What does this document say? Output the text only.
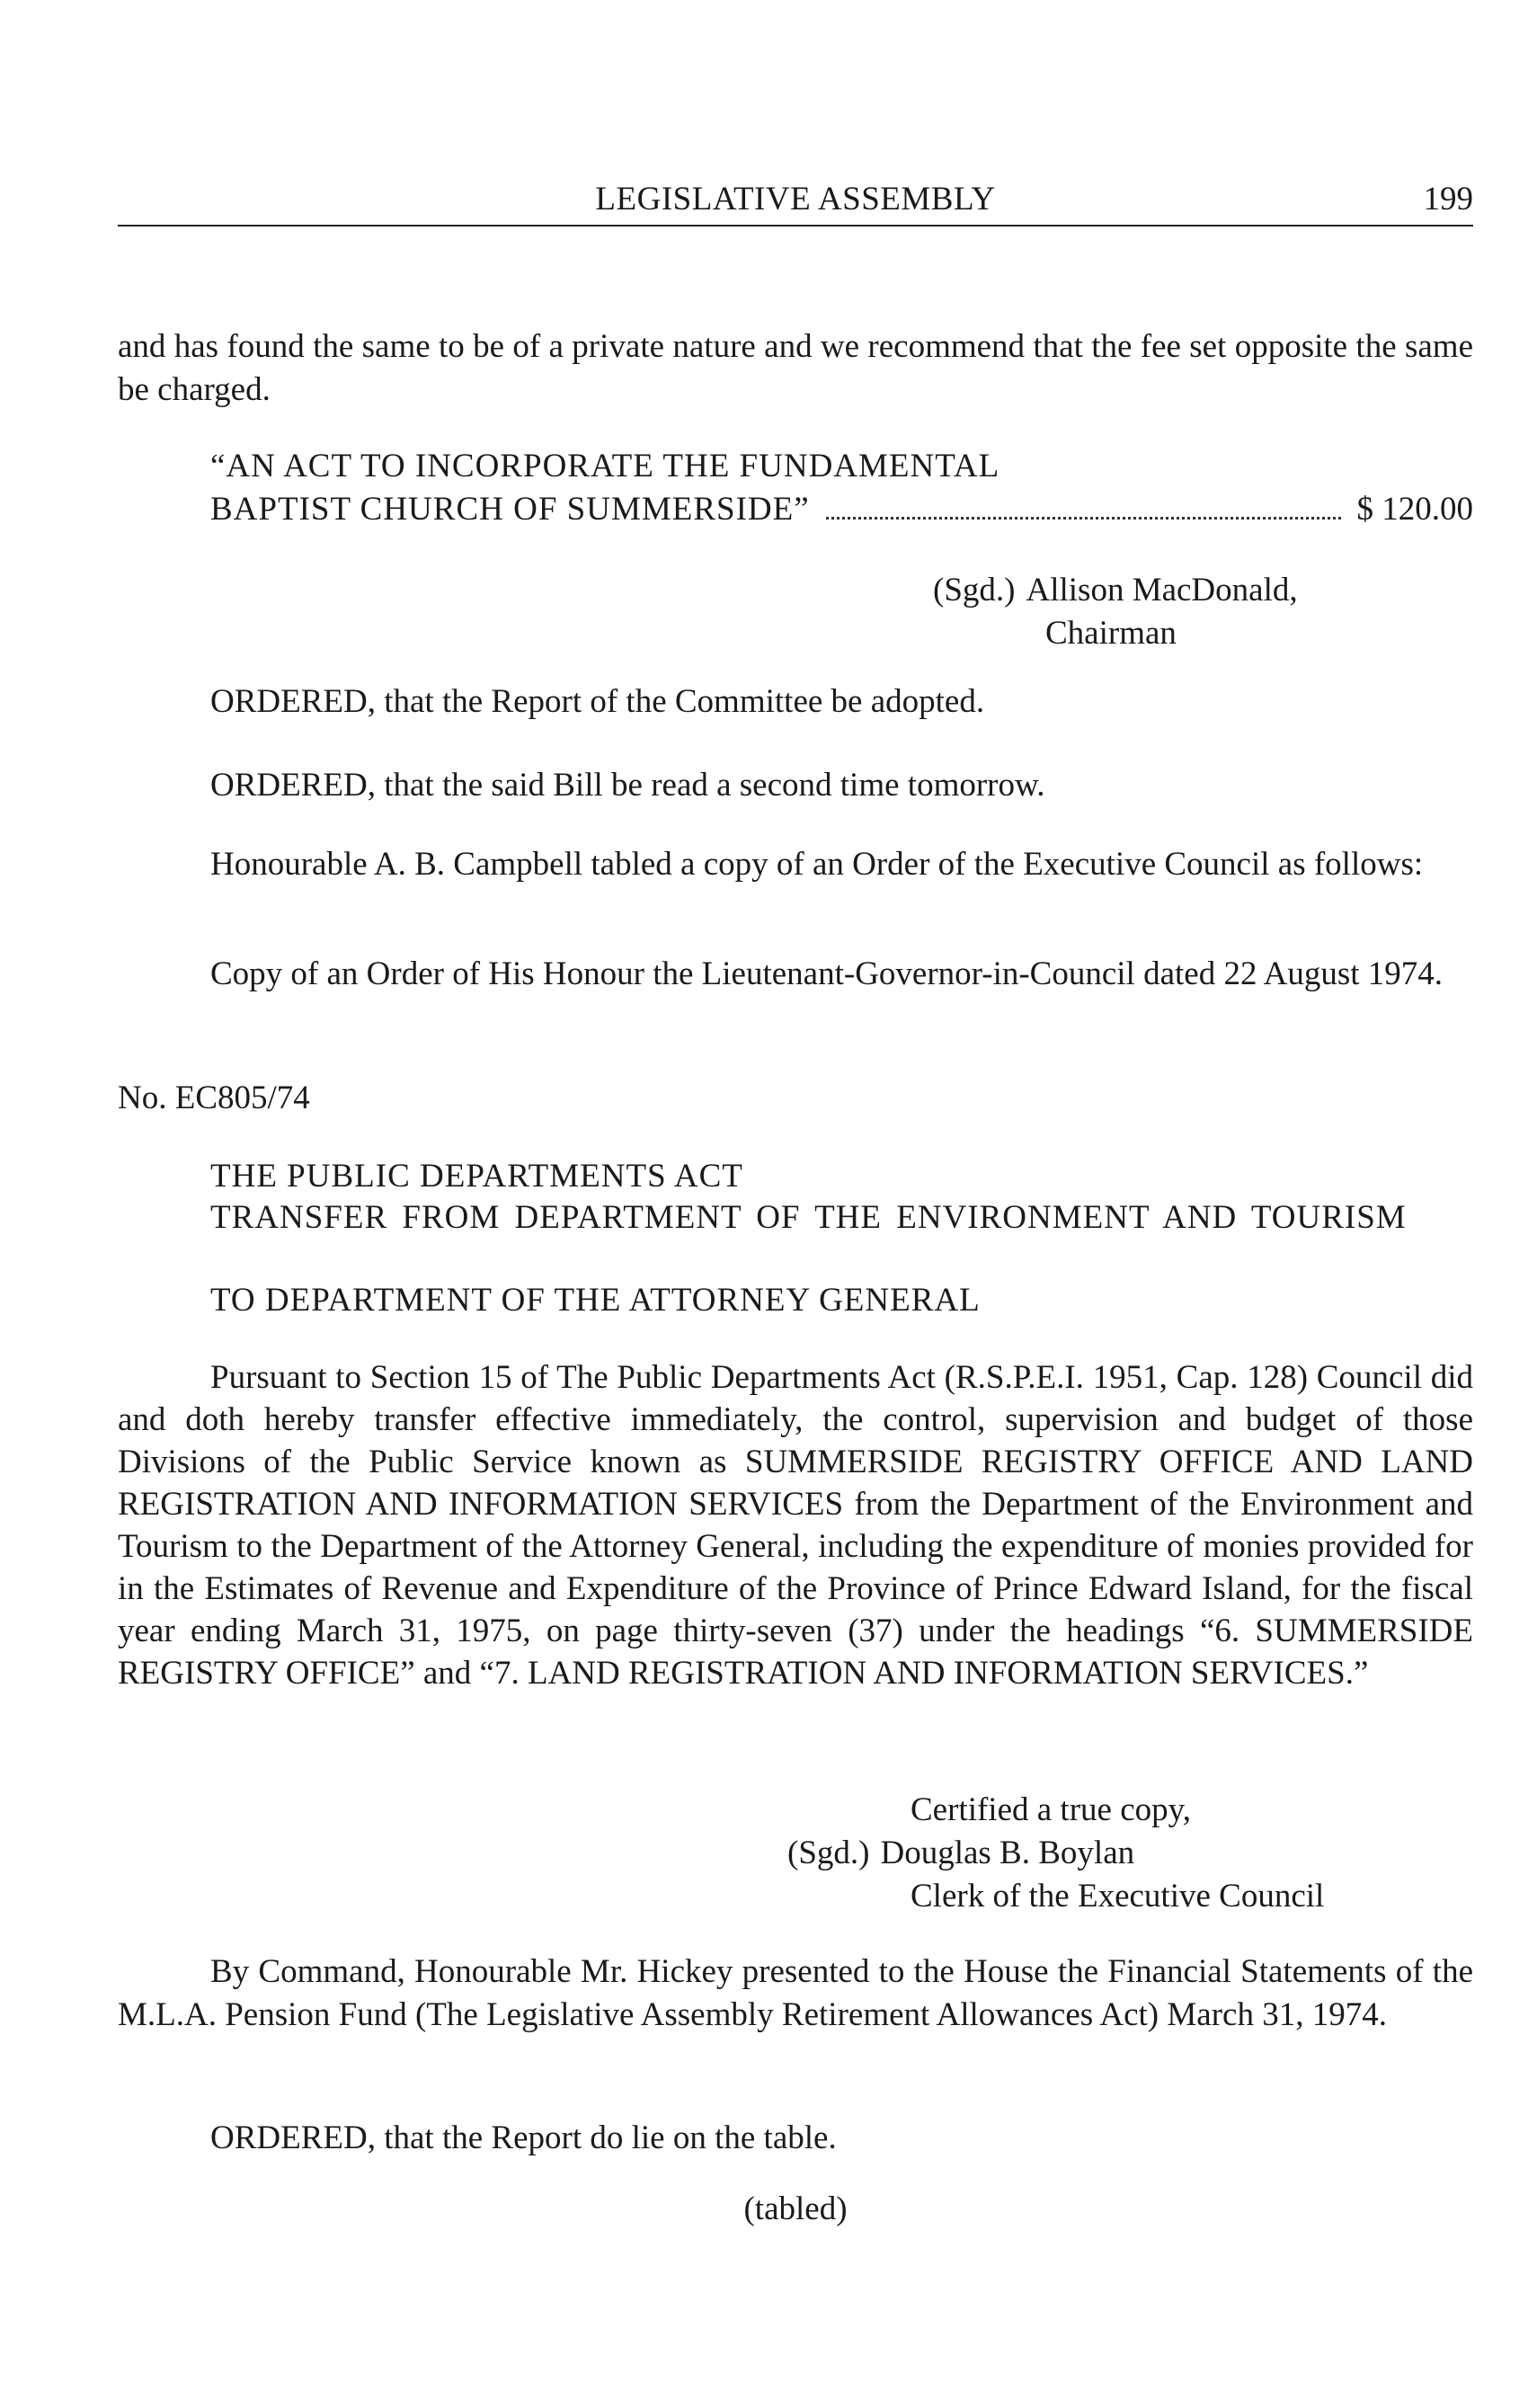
LEGISLATIVE ASSEMBLY	199
and has found the same to be of a private nature and we recommend that the fee set opposite the same be charged.
“AN ACT TO INCORPORATE THE FUNDAMENTAL
BAPTIST CHURCH OF SUMMERSIDE”	$ 120.00
(Sgd.) Allison MacDonald,
Chairman
ORDERED, that the Report of the Committee be adopted.
ORDERED, that the said Bill be read a second time tomorrow.
Honourable A. B. Campbell tabled a copy of an Order of the Executive Council as follows:
Copy of an Order of His Honour the Lieutenant-Governor-in-Council dated 22 August 1974.
No. EC805/74
THE PUBLIC DEPARTMENTS ACT
TRANSFER FROM DEPARTMENT OF THE ENVIRONMENT AND TOURISM
TO DEPARTMENT OF THE ATTORNEY GENERAL
Pursuant to Section 15 of The Public Departments Act (R.S.P.E.I. 1951, Cap. 128) Council did and doth hereby transfer effective immediately, the control, supervision and budget of those Divisions of the Public Service known as SUMMERSIDE REGISTRY OFFICE AND LAND REGISTRATION AND INFORMATION SERVICES from the Department of the Environment and Tourism to the Department of the Attorney General, including the expenditure of monies provided for in the Estimates of Revenue and Expenditure of the Province of Prince Edward Island, for the fiscal year ending March 31, 1975, on page thirty-seven (37) under the headings “6. SUMMERSIDE REGISTRY OFFICE” and “7. LAND REGISTRATION AND INFORMATION SERVICES.”
Certified a true copy,
(Sgd.) Douglas B. Boylan
Clerk of the Executive Council
By Command, Honourable Mr. Hickey presented to the House the Financial Statements of the M.L.A. Pension Fund (The Legislative Assembly Retirement Allowances Act) March 31, 1974.
ORDERED, that the Report do lie on the table.
(tabled)
